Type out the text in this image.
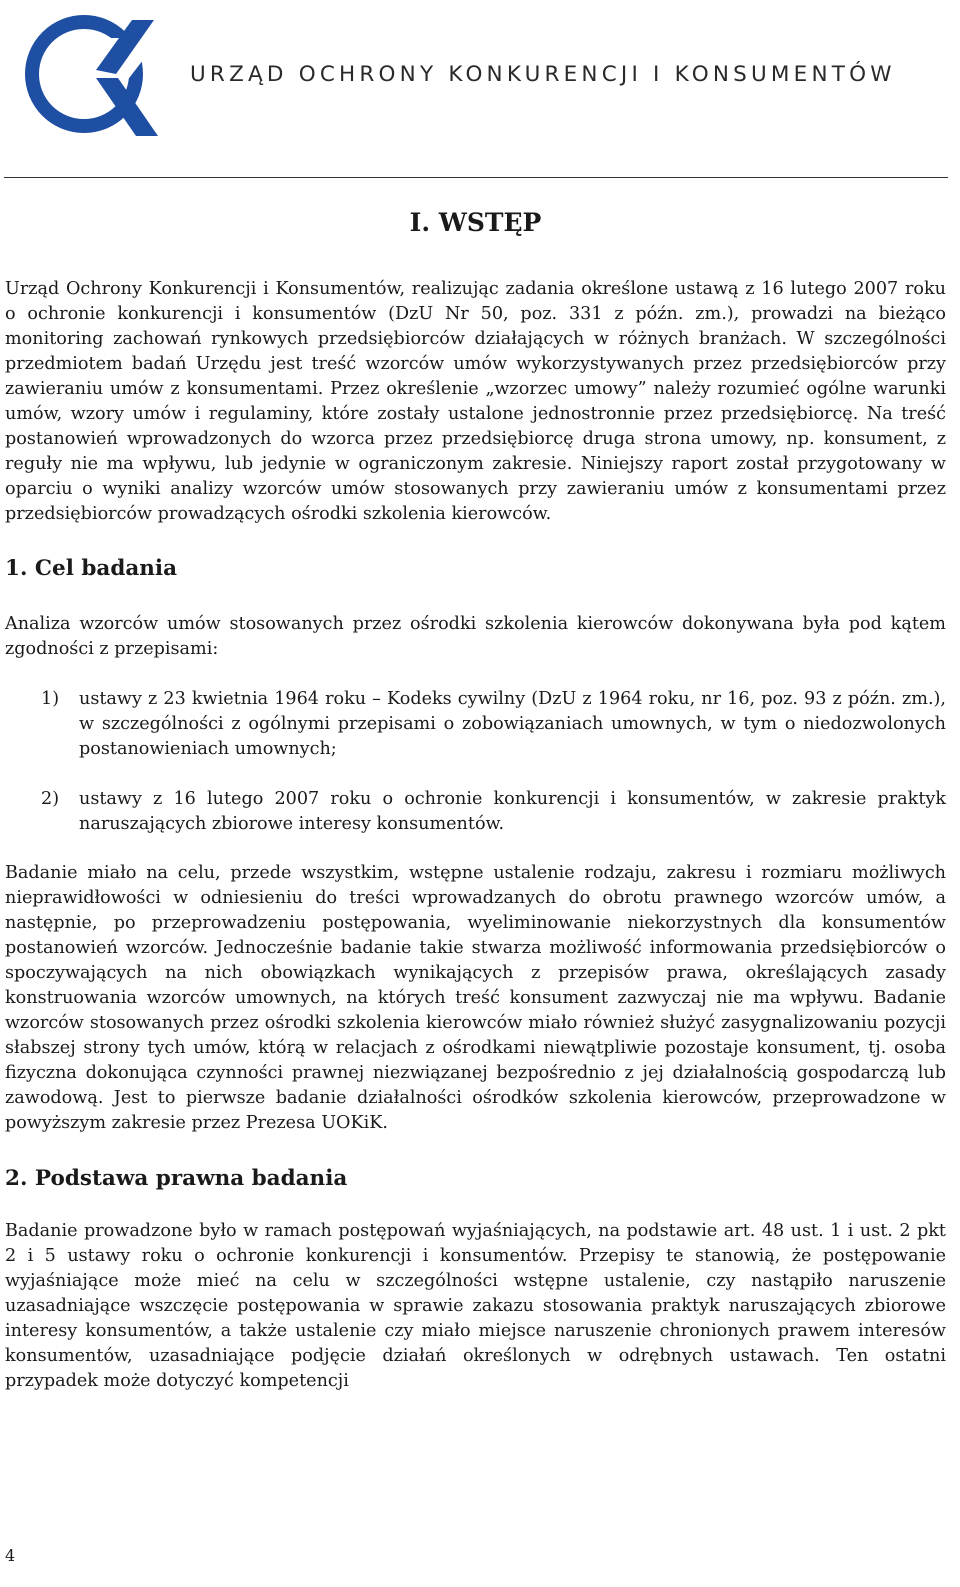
URZĄD OCHRONY KONKURENCJI I KONSUMENTÓW
I. WSTĘP

Urząd Ochrony Konkurencji i Konsumentów, realizując zadania określone ustawą z 16 lutego 2007 roku o ochronie konkurencji i konsumentów (DzU Nr 50, poz. 331 z późn. zm.), prowadzi na bieżąco monitoring zachowań rynkowych przedsiębiorców działających w różnych branżach. W szczególności przedmiotem badań Urzędu jest treść wzorców umów wykorzystywanych przez przedsiębiorców przy zawieraniu umów z konsumentami. Przez określenie „wzorzec umowy” należy rozumieć ogólne warunki umów, wzory umów i regulaminy, które zostały ustalone jednostronnie przez przedsiębiorcę. Na treść postanowień wprowadzonych do wzorca przez przedsiębiorcę druga strona umowy, np. konsument, z reguły nie ma wpływu, lub jedynie w ograniczonym zakresie. Niniejszy raport został przygotowany w oparciu o wyniki analizy wzorców umów stosowanych przy zawieraniu umów z konsumentami przez przedsiębiorców prowadzących ośrodki szkolenia kierowców.

1. Cel badania

Analiza wzorców umów stosowanych przez ośrodki szkolenia kierowców dokonywana była pod kątem zgodności z przepisami:

1)	ustawy z 23 kwietnia 1964 roku – Kodeks cywilny (DzU z 1964 roku, nr 16, poz. 93 z późn. zm.), w szczególności z ogólnymi przepisami o zobowiązaniach umownych, w tym o niedozwolonych postanowieniach umownych;
2)	ustawy z 16 lutego 2007 roku o ochronie konkurencji i konsumentów, w zakresie praktyk naruszających zbiorowe interesy konsumentów.

Badanie miało na celu, przede wszystkim, wstępne ustalenie rodzaju, zakresu i rozmiaru możliwych nieprawidłowości w odniesieniu do treści wprowadzanych do obrotu prawnego wzorców umów, a następnie, po przeprowadzeniu postępowania, wyeliminowanie niekorzystnych dla konsumentów postanowień wzorców. Jednocześnie badanie takie stwarza możliwość informowania przedsiębiorców o spoczywających na nich obowiązkach wynikających z przepisów prawa, określających zasady konstruowania wzorców umownych, na których treść konsument zazwyczaj nie ma wpływu. Badanie wzorców stosowanych przez ośrodki szkolenia kierowców miało również służyć zasygnalizowaniu pozycji słabszej strony tych umów, którą w relacjach z ośrodkami niewątpliwie pozostaje konsument, tj. osoba fizyczna dokonująca czynności prawnej niezwiązanej bezpośrednio z jej działalnością gospodarczą lub zawodową. Jest to pierwsze badanie działalności ośrodków szkolenia kierowców, przeprowadzone w powyższym zakresie przez Prezesa UOKiK.

2. Podstawa prawna badania

Badanie prowadzone było w ramach postępowań wyjaśniających, na podstawie art. 48 ust. 1 i ust. 2 pkt 2 i 5 ustawy roku o ochronie konkurencji i konsumentów. Przepisy te stanowią, że postępowanie wyjaśniające może mieć na celu w szczególności wstępne ustalenie, czy nastąpiło naruszenie uzasadniające wszczęcie postępowania w sprawie zakazu stosowania praktyk naruszających zbiorowe interesy konsumentów, a także ustalenie czy miało miejsce naruszenie chronionych prawem interesów konsumentów, uzasadniające podjęcie działań określonych w odrębnych ustawach. Ten ostatni przypadek może dotyczyć kompetencji

4
